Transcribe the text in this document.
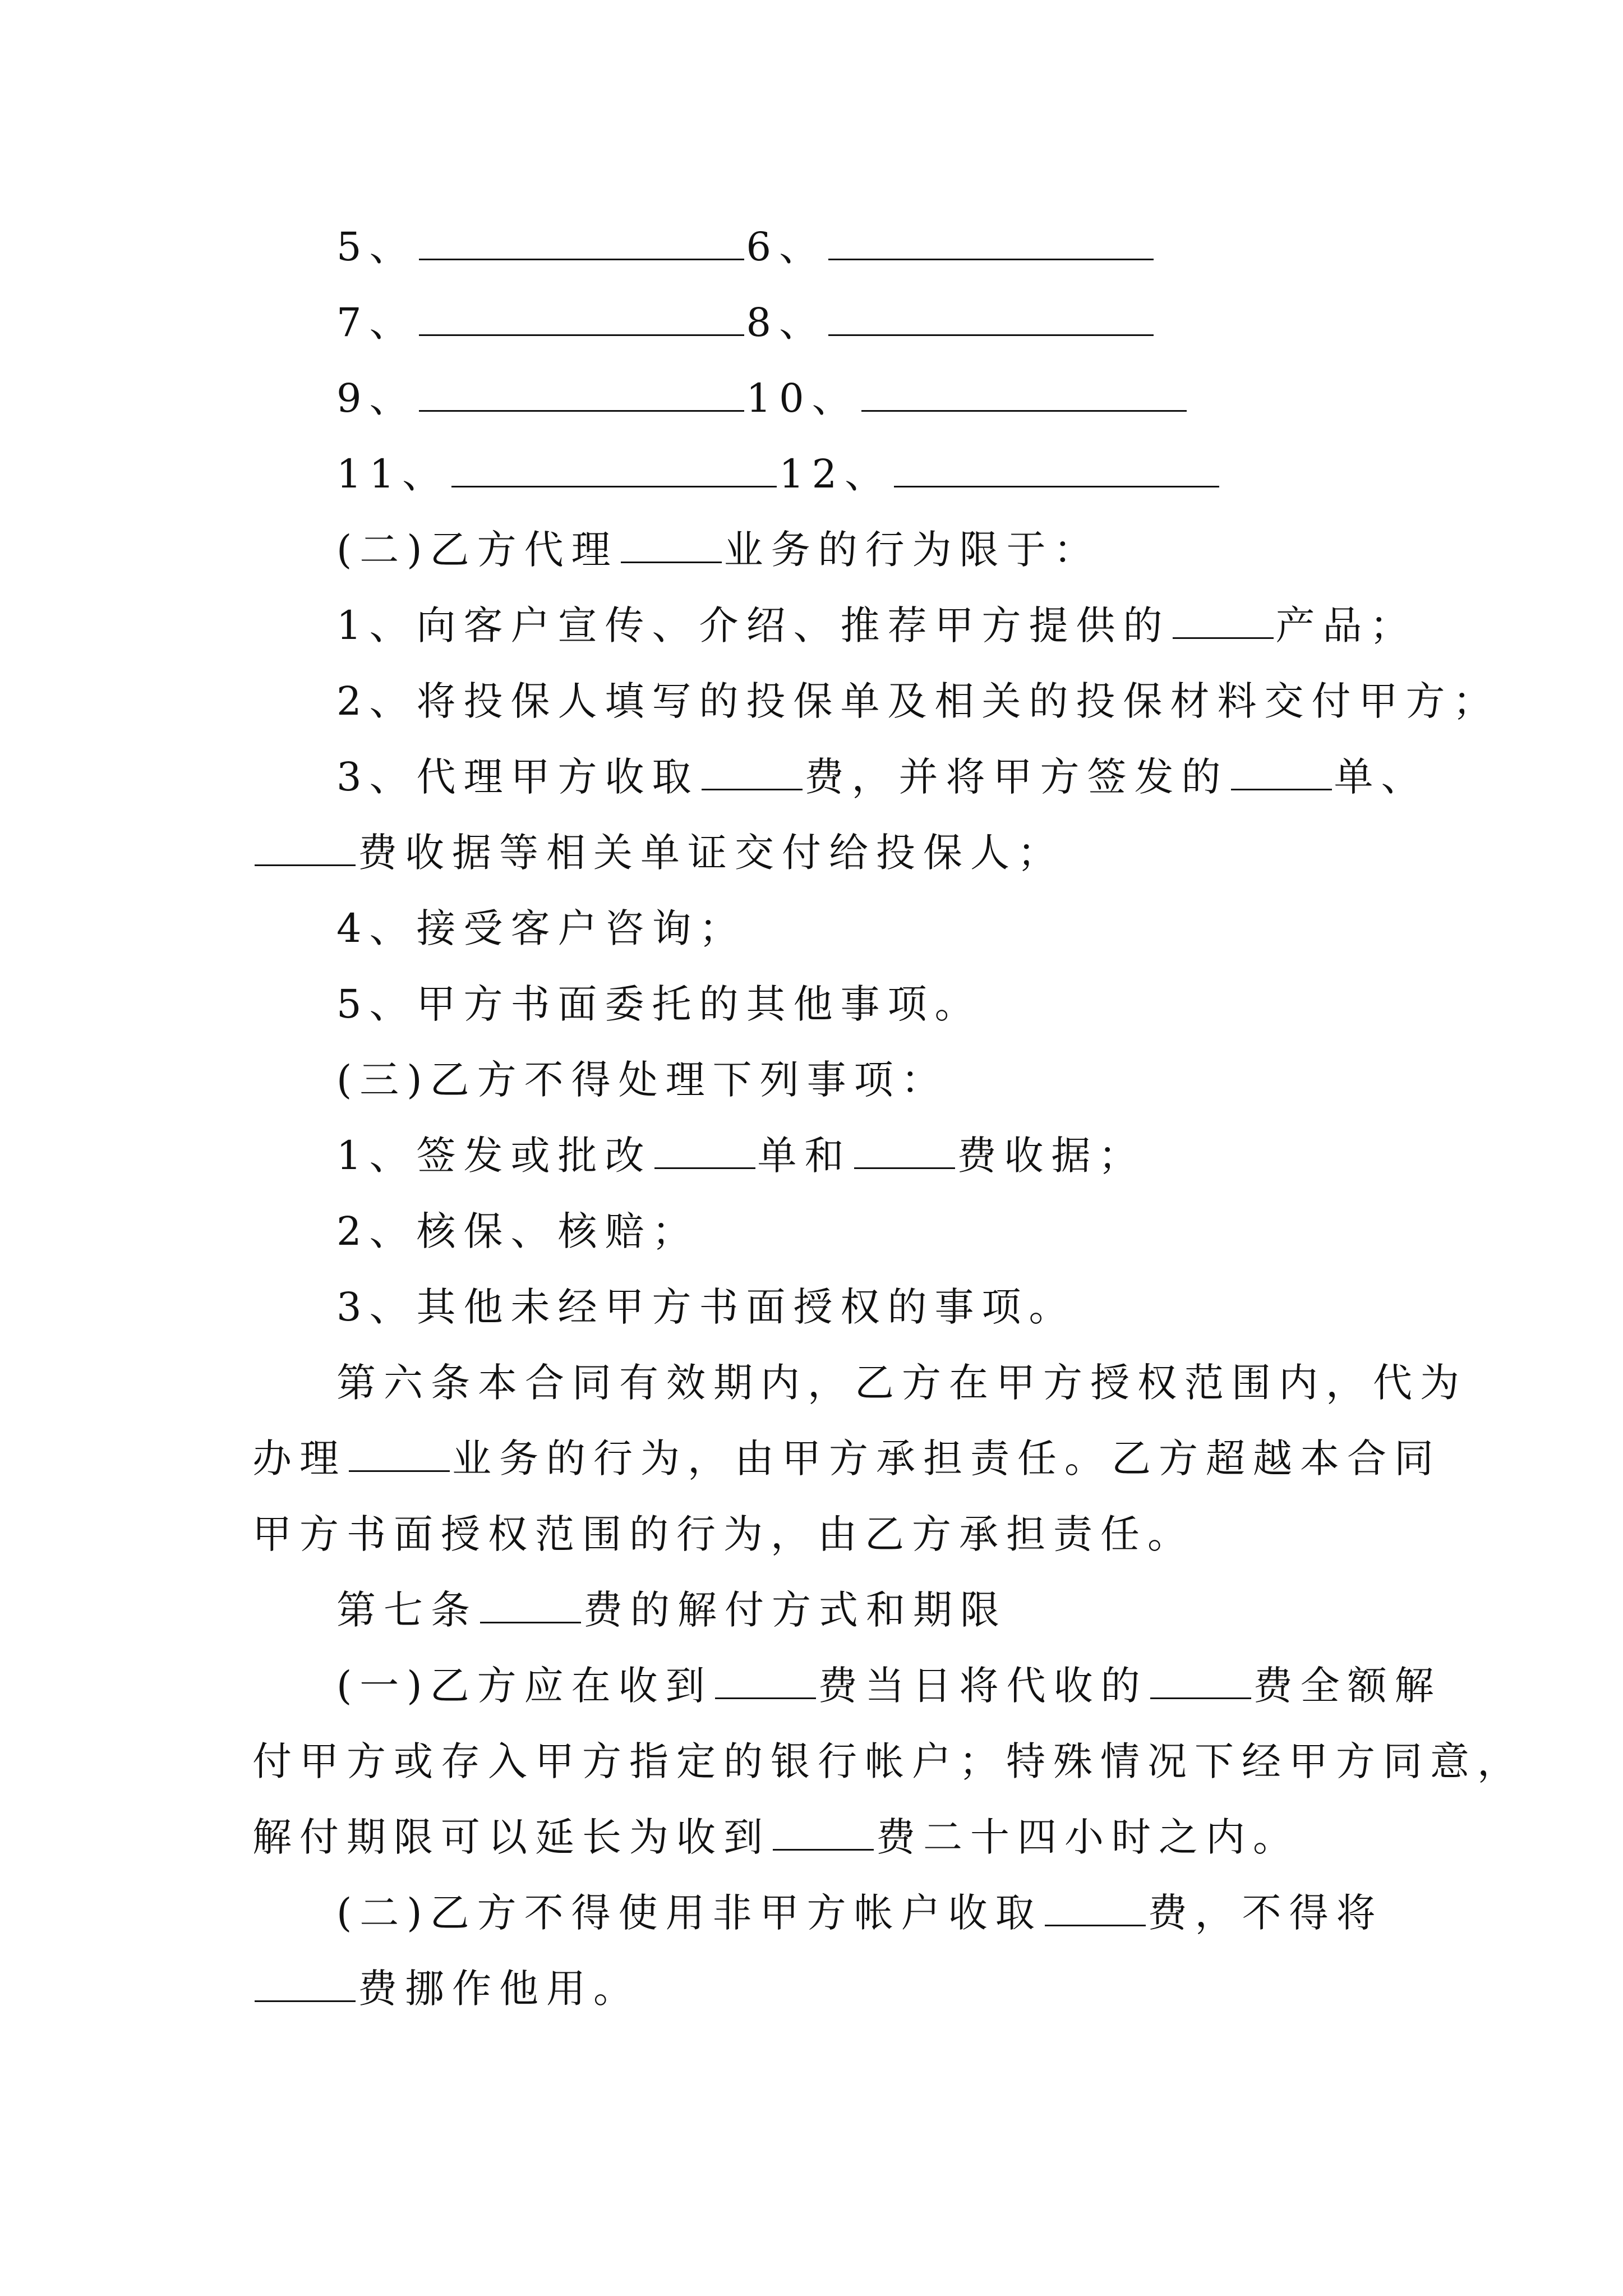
5、	6、
7、	8、
9、	10、
11、	12、
(二)乙方代理	业务的行为限于：
1、向客户宣传、介绍、推荐甲方提供的	产品；
2、将投保人填写的投保单及相关的投保材料交付甲方；
3、代理甲方收取	费，并将甲方签发的	单、
费收据等相关单证交付给投保人；
4、接受客户咨询；
5、甲方书面委托的其他事项。
(三)乙方不得处理下列事项：
1、签发或批改	单和	费收据；
2、核保、核赔；
3、其他未经甲方书面授权的事项。
第六条本合同有效期内，乙方在甲方授权范围内，代为
办理	业务的行为，由甲方承担责任。乙方超越本合同
甲方书面授权范围的行为，由乙方承担责任。
第七条	费的解付方式和期限
(一)乙方应在收到	费当日将代收的	费全额解
付甲方或存入甲方指定的银行帐户；特殊情况下经甲方同意，
解付期限可以延长为收到	费二十四小时之内。
(二)乙方不得使用非甲方帐户收取	费，不得将
费挪作他用。
